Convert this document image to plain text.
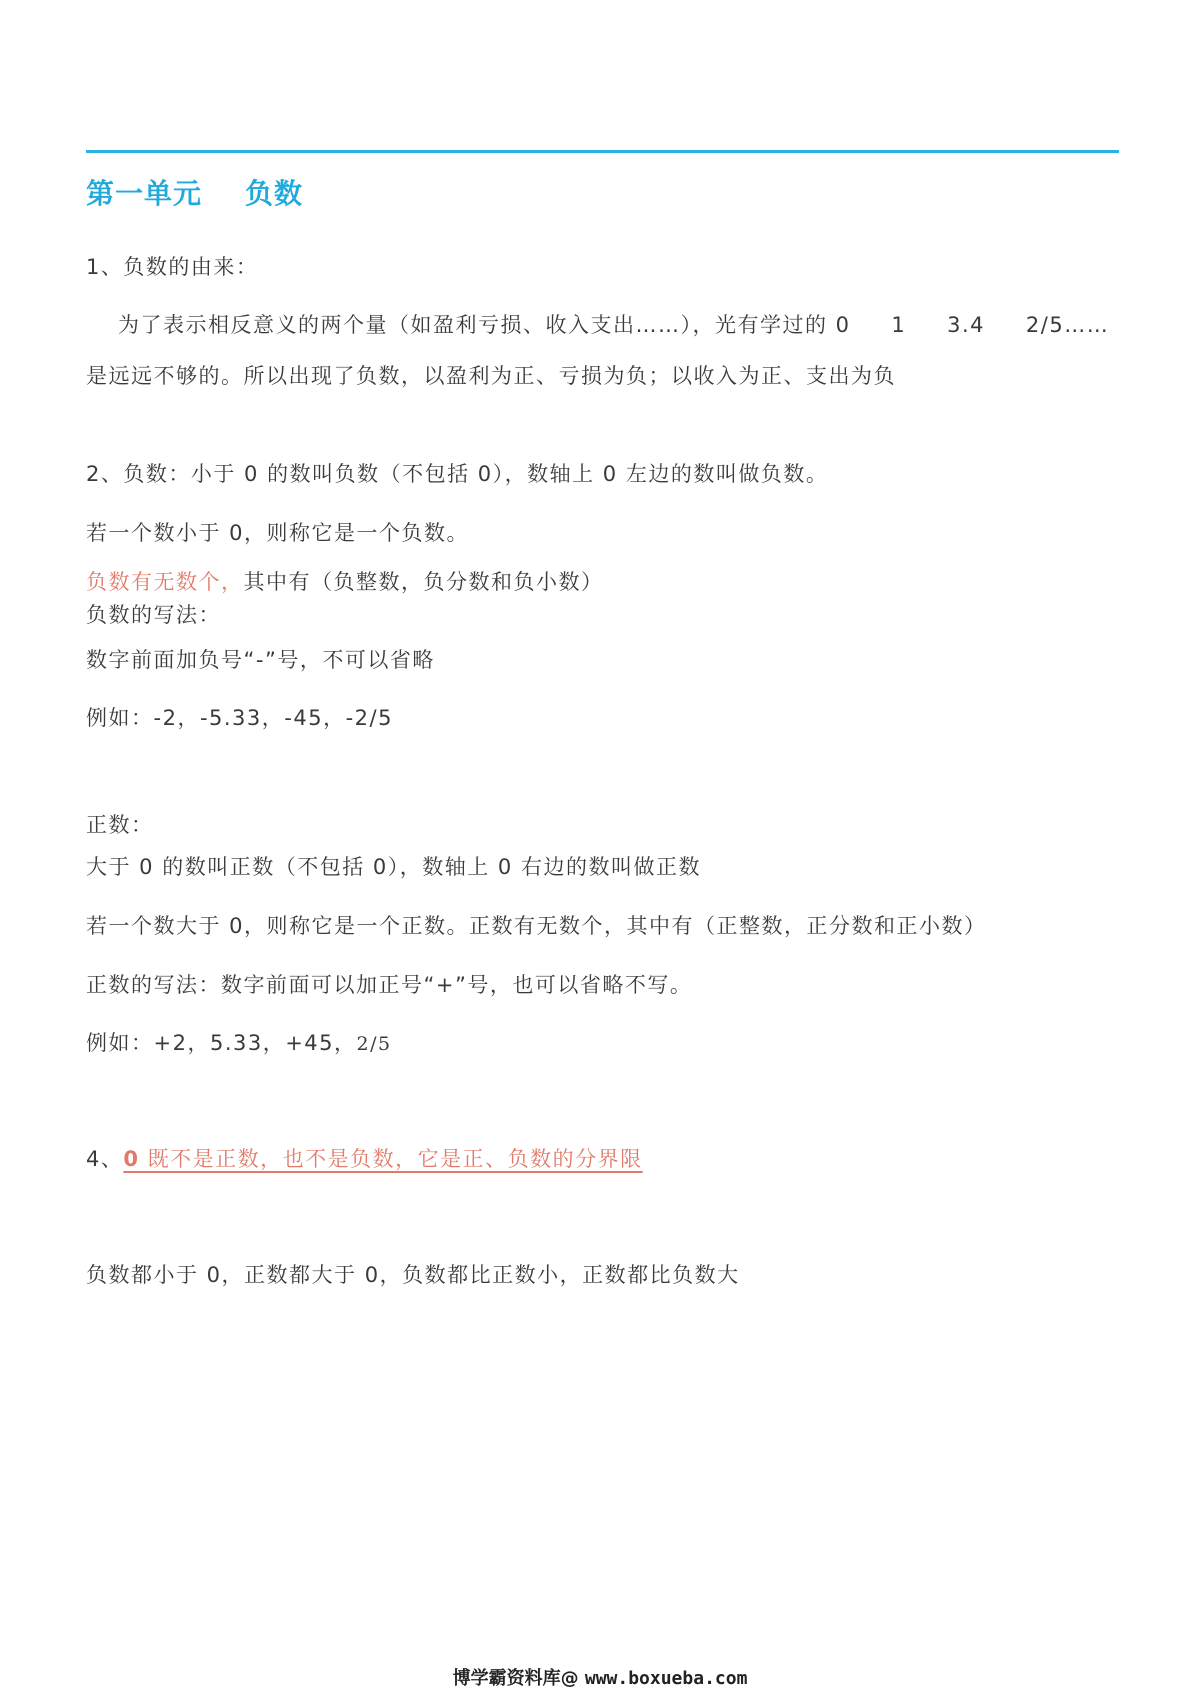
第一单元    负数
1、负数的由来：
为了表示相反意义的两个量（如盈利亏损、收入支出……），光有学过的 0     1     3.4     2/5……
是远远不够的。所以出现了负数，以盈利为正、亏损为负；以收入为正、支出为负
2、负数：小于 0 的数叫负数（不包括 0），数轴上 0 左边的数叫做负数。
若一个数小于 0，则称它是一个负数。
负数有无数个，其中有（负整数，负分数和负小数）
负数的写法：
数字前面加负号“-”号，不可以省略
例如：-2，-5.33，-45，-2/5
正数：
大于 0 的数叫正数（不包括 0），数轴上 0 右边的数叫做正数
若一个数大于 0，则称它是一个正数。正数有无数个，其中有（正整数，正分数和正小数）
正数的写法：数字前面可以加正号“+”号，也可以省略不写。
例如：+2，5.33，+45，2/5
4、0 既不是正数，也不是负数，它是正、负数的分界限
负数都小于 0，正数都大于 0，负数都比正数小，正数都比负数大
博学霸资料库@ www.boxueba.com
